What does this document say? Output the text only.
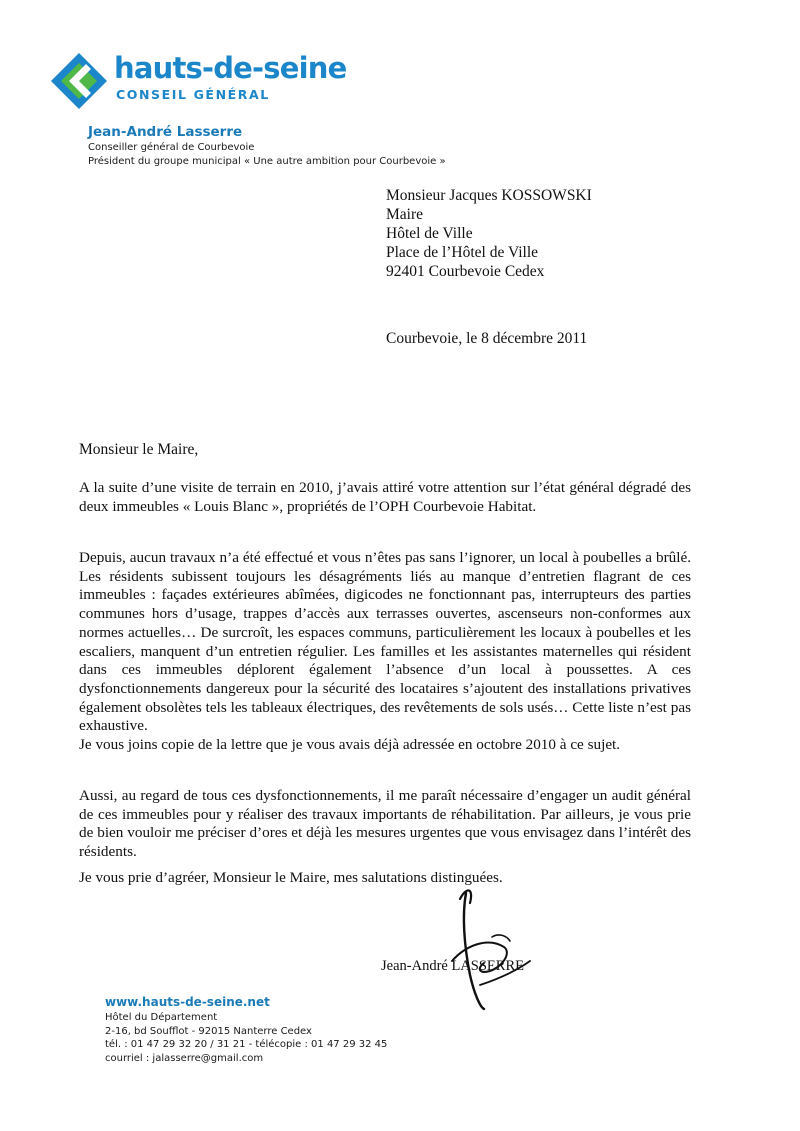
hauts-de-seine
CONSEIL GÉNÉRAL
Jean-André Lasserre
Conseiller général de Courbevoie
Président du groupe municipal « Une autre ambition pour Courbevoie »
Monsieur Jacques KOSSOWSKI
Maire
Hôtel de Ville
Place de l’Hôtel de Ville
92401 Courbevoie Cedex
Courbevoie, le 8 décembre 2011
Monsieur le Maire,

A la suite d’une visite de terrain en 2010, j’avais attiré votre attention sur l’état général dégradé des deux immeubles « Louis Blanc », propriétés de l’OPH Courbevoie Habitat.

Depuis, aucun travaux n’a été effectué et vous n’êtes pas sans l’ignorer, un local à poubelles a brûlé. Les résidents subissent toujours les désagréments liés au manque d’entretien flagrant de ces immeubles : façades extérieures abîmées, digicodes ne fonctionnant pas, interrupteurs des parties communes hors d’usage, trappes d’accès aux terrasses ouvertes, ascenseurs non-conformes aux normes actuelles… De surcroît, les espaces communs, particulièrement les locaux à poubelles et les escaliers, manquent d’un entretien régulier. Les familles et les assistantes maternelles qui résident dans ces immeubles déplorent également l’absence d’un local à poussettes. A ces dysfonctionnements dangereux pour la sécurité des locataires s’ajoutent des installations privatives également obsolètes tels les tableaux électriques, des revêtements de sols usés… Cette liste n’est pas exhaustive.

Je vous joins copie de la lettre que je vous avais déjà adressée en octobre 2010 à ce sujet.

Aussi, au regard de tous ces dysfonctionnements, il me paraît nécessaire d’engager un audit général de ces immeubles pour y réaliser des travaux importants de réhabilitation. Par ailleurs, je vous prie de bien vouloir me préciser d’ores et déjà les mesures urgentes que vous envisagez dans l’intérêt des résidents.

Je vous prie d’agréer, Monsieur le Maire, mes salutations distinguées.
Jean-André LASSERRE
www.hauts-de-seine.net
Hôtel du Département
2-16, bd Soufflot - 92015 Nanterre Cedex
tél. : 01 47 29 32 20 / 31 21 - télécopie : 01 47 29 32 45
courriel : jalasserre@gmail.com
